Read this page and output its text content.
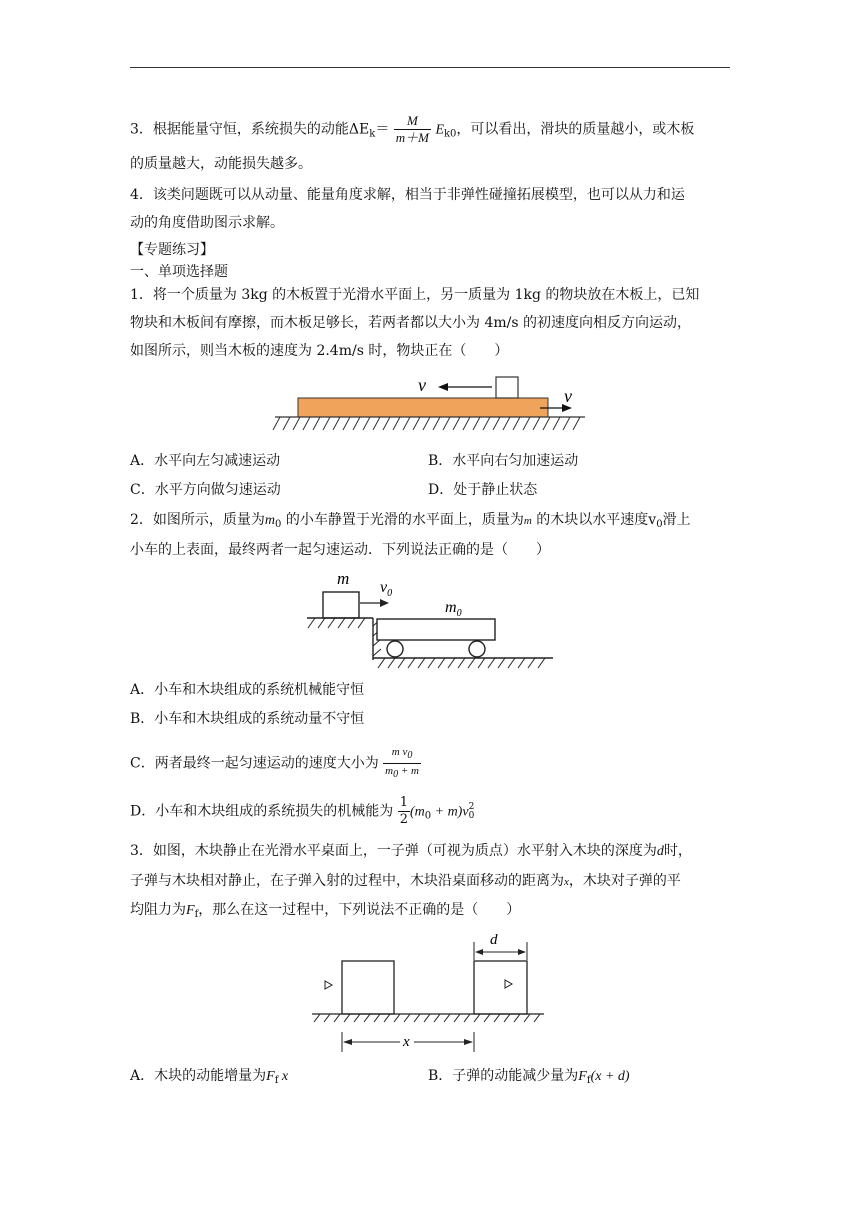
3．根据能量守恒，系统损失的动能$\Delta E_k= \frac{M}{m+M} E_{k0}$，可以看出，滑块的质量越小，或木板
的质量越大，动能损失越多。
4．该类问题既可以从动量、能量角度求解，相当于非弹性碰撞拓展模型，也可以从力和运
动的角度借助图示求解。
【专题练习】
一、单项选择题
1．将一个质量为 3kg 的木板置于光滑水平面上，另一质量为 1kg 的物块放在木板上，已知
物块和木板间有摩擦，而木板足够长，若两者都以大小为 4m/s 的初速度向相反方向运动，
如图所示，则当木板的速度为 2.4m/s 时，物块正在（　　）
v
v
A．水平向左匀减速运动	B．水平向右匀加速运动
C．水平方向做匀速运动	D．处于静止状态
2．如图所示，质量为$m_0$ 的小车静置于光滑的水平面上，质量为m 的木块以水平速度$v_0$滑上
小车的上表面，最终两者一起匀速运动．下列说法正确的是（　　）
m $v_0$
$m_0$
A．小车和木块组成的系统机械能守恒
B．小车和木块组成的系统动量不守恒
C．两者最终一起匀速运动的速度大小为 $\frac{\text{m v0}}{m0 + m}$
D．小车和木块组成的系统损失的机械能为 $\frac{1}{2} (m_0 + m)v$ 2
0
3．如图，木块静止在光滑水平桌面上，一子弹（可视为质点）水平射入木块的深度为d时，
子弹与木块相对静止，在子弹入射的过程中，木块沿桌面移动的距离为x，木块对子弹的平
均阻力为$F_f$，那么在这一过程中，下列说法不正确的是（　　）
d
x
A．木块的动能增量为$F_f$ x	B．子弹的动能减少量为$F_f(x + d)$
